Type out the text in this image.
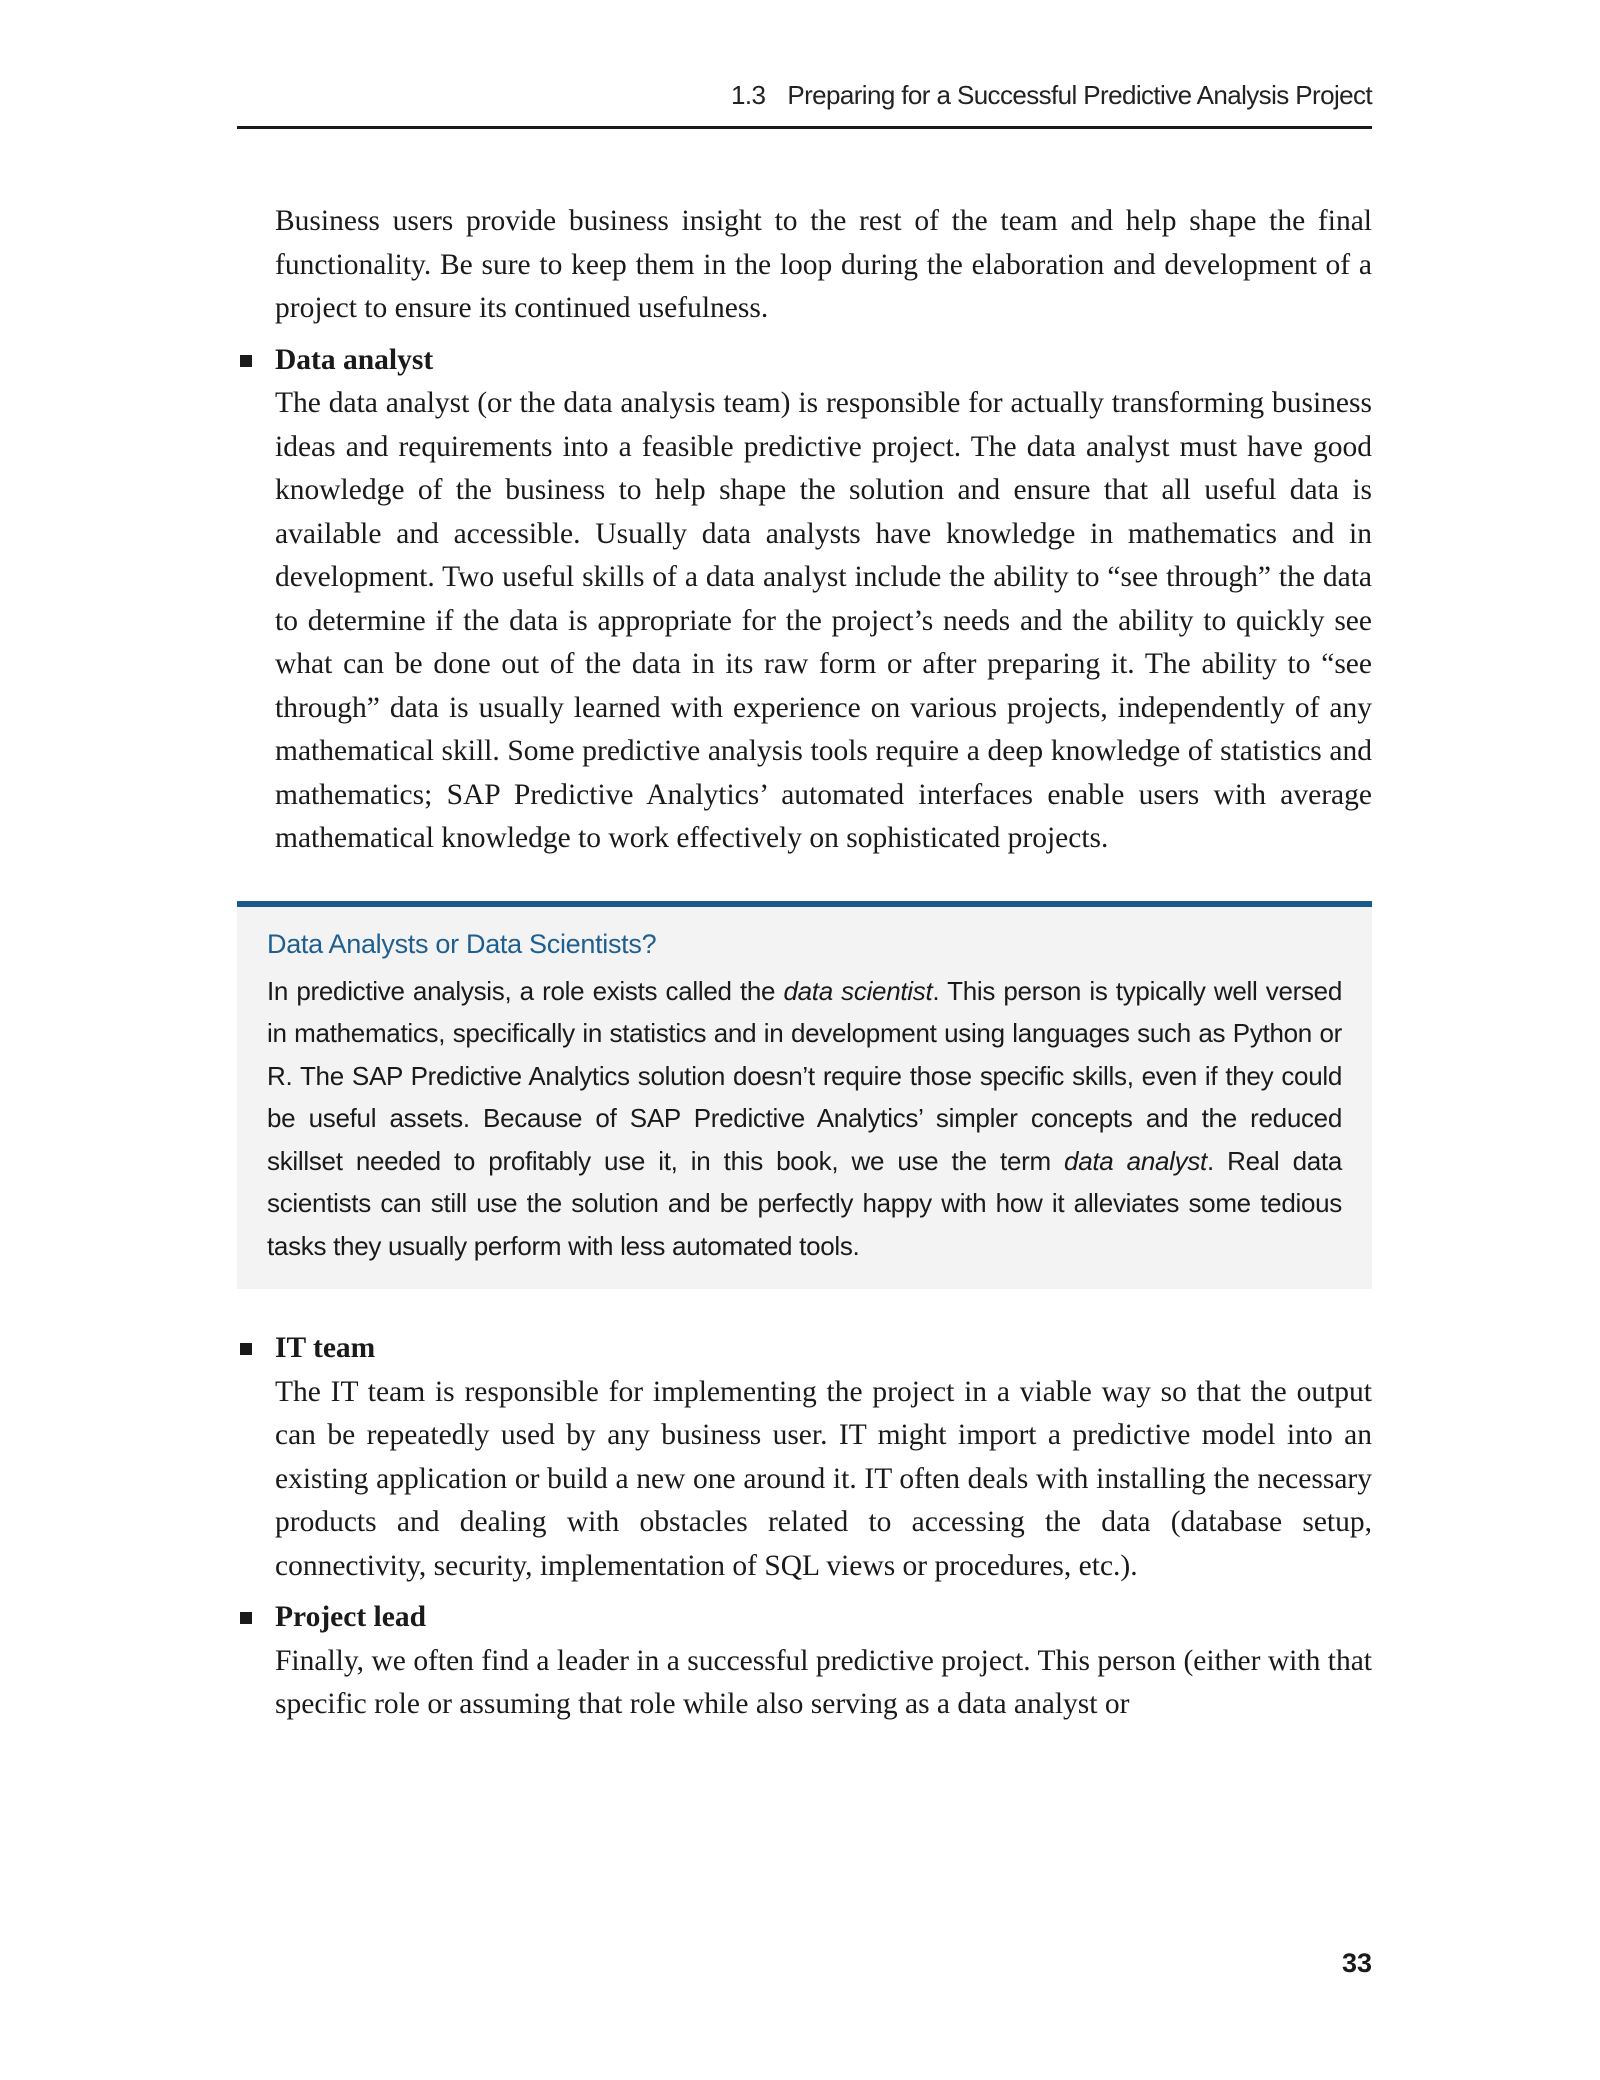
1.3 Preparing for a Successful Predictive Analysis Project

Business users provide business insight to the rest of the team and help shape the final functionality. Be sure to keep them in the loop during the elaboration and development of a project to ensure its continued usefulness.

Data analyst

The data analyst (or the data analysis team) is responsible for actually transforming business ideas and requirements into a feasible predictive project. The data analyst must have good knowledge of the business to help shape the solution and ensure that all useful data is available and accessible. Usually data analysts have knowledge in mathematics and in development. Two useful skills of a data analyst include the ability to “see through” the data to determine if the data is appropriate for the project’s needs and the ability to quickly see what can be done out of the data in its raw form or after preparing it. The ability to “see through” data is usually learned with experience on various projects, independently of any mathematical skill. Some predictive analysis tools require a deep knowledge of statistics and mathematics; SAP Predictive Analytics’ automated interfaces enable users with average mathematical knowledge to work effectively on sophisticated projects.

Data Analysts or Data Scientists?
In predictive analysis, a role exists called the data scientist. This person is typically well versed in mathematics, specifically in statistics and in development using languages such as Python or R. The SAP Predictive Analytics solution doesn’t require those specific skills, even if they could be useful assets. Because of SAP Predictive Analytics’ simpler concepts and the reduced skillset needed to profitably use it, in this book, we use the term data analyst. Real data scientists can still use the solution and be perfectly happy with how it alleviates some tedious tasks they usually perform with less automated tools.
IT team

The IT team is responsible for implementing the project in a viable way so that the output can be repeatedly used by any business user. IT might import a predictive model into an existing application or build a new one around it. IT often deals with installing the necessary products and dealing with obstacles related to accessing the data (database setup, connectivity, security, implementation of SQL views or procedures, etc.).

Project lead

Finally, we often find a leader in a successful predictive project. This person (either with that specific role or assuming that role while also serving as a data analyst or

33
